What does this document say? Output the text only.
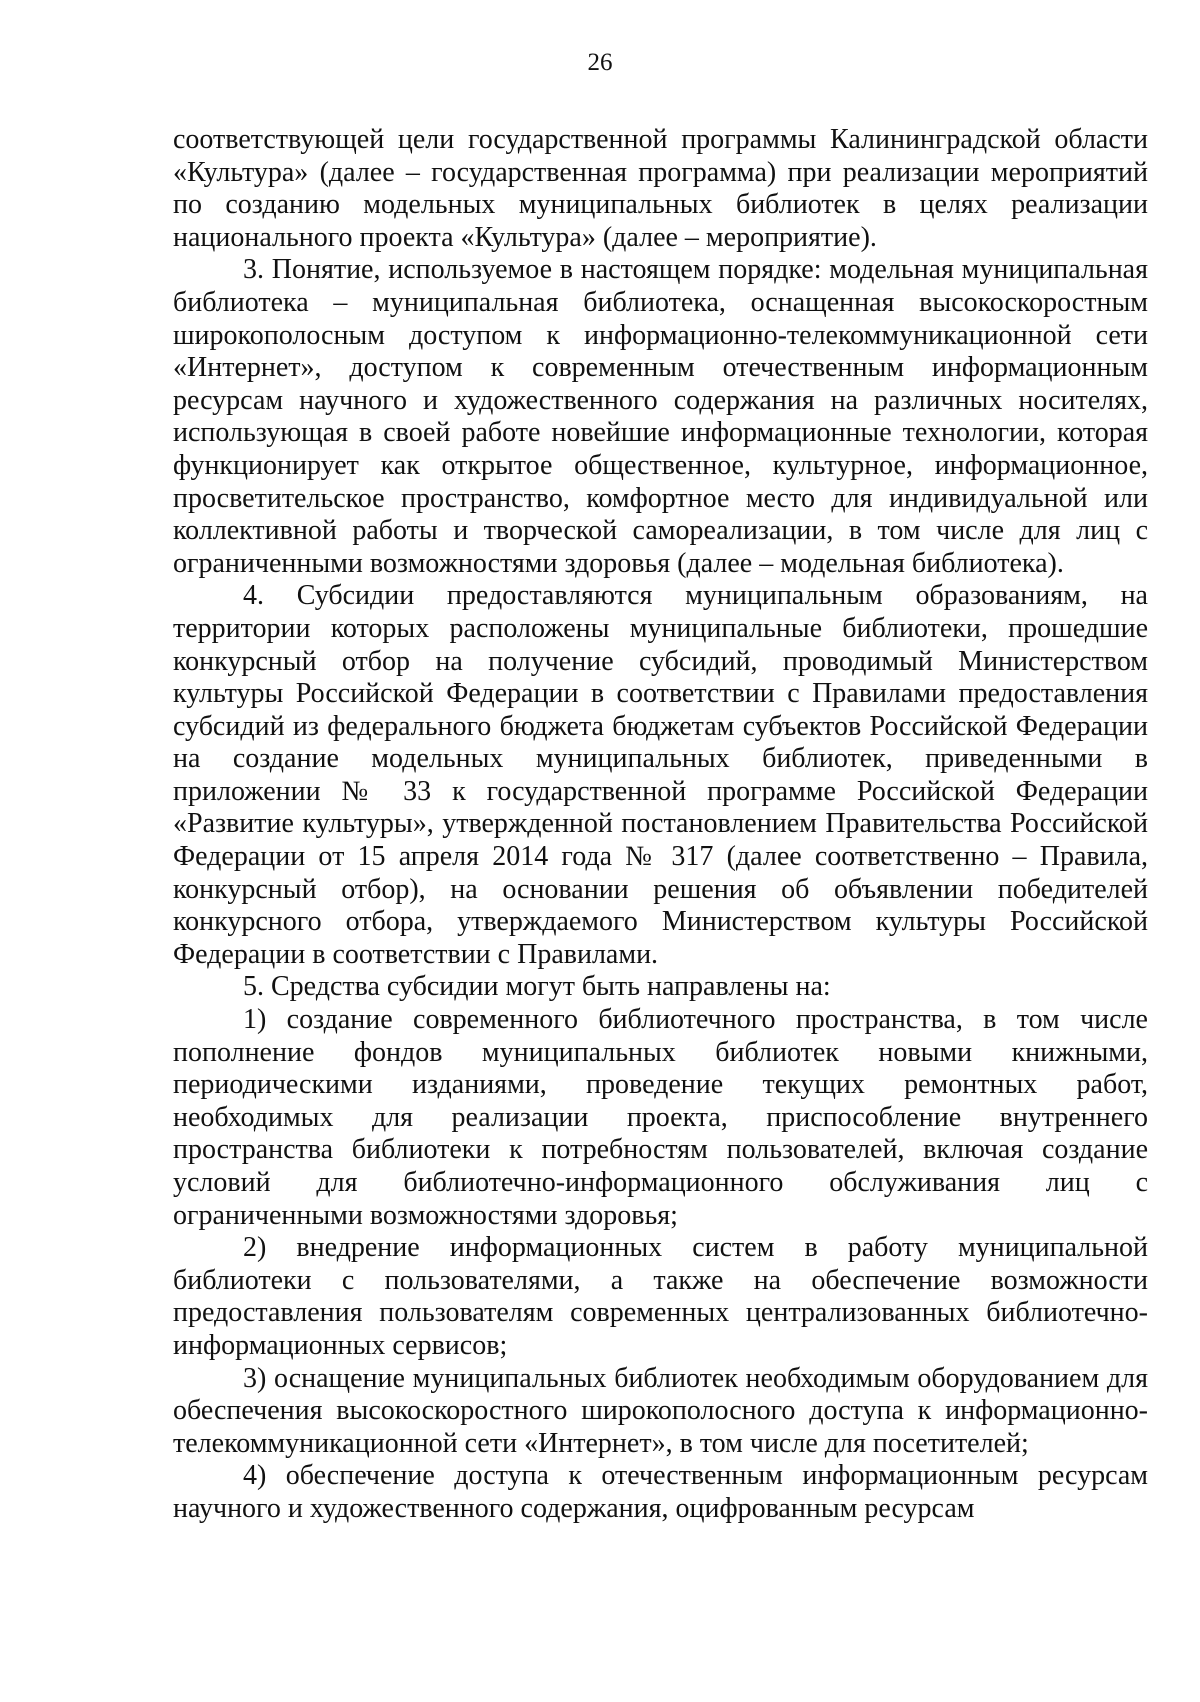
26

соответствующей цели государственной программы Калининградской области «Культура» (далее – государственная программа) при реализации мероприятий по созданию модельных муниципальных библиотек в целях реализации национального проекта «Культура» (далее – мероприятие).

3. Понятие, используемое в настоящем порядке: модельная муниципальная библиотека – муниципальная библиотека, оснащенная высокоскоростным широкополосным доступом к информационно-телекоммуникационной сети «Интернет», доступом к современным отечественным информационным ресурсам научного и художественного содержания на различных носителях, использующая в своей работе новейшие информационные технологии, которая функционирует как открытое общественное, культурное, информационное, просветительское пространство, комфортное место для индивидуальной или коллективной работы и творческой самореализации, в том числе для лиц с ограниченными возможностями здоровья (далее – модельная библиотека).

4. Субсидии предоставляются муниципальным образованиям, на территории которых расположены муниципальные библиотеки, прошедшие конкурсный отбор на получение субсидий, проводимый Министерством культуры Российской Федерации в соответствии с Правилами предоставления субсидий из федерального бюджета бюджетам субъектов Российской Федерации на создание модельных муниципальных библиотек, приведенными в приложении № 33 к государственной программе Российской Федерации «Развитие культуры», утвержденной постановлением Правительства Российской Федерации от 15 апреля 2014 года № 317 (далее соответственно – Правила, конкурсный отбор), на основании решения об объявлении победителей конкурсного отбора, утверждаемого Министерством культуры Российской Федерации в соответствии с Правилами.

5. Средства субсидии могут быть направлены на:

1) создание современного библиотечного пространства, в том числе пополнение фондов муниципальных библиотек новыми книжными, периодическими изданиями, проведение текущих ремонтных работ, необходимых для реализации проекта, приспособление внутреннего пространства библиотеки к потребностям пользователей, включая создание условий для библиотечно-информационного обслуживания лиц с ограниченными возможностями здоровья;

2) внедрение информационных систем в работу муниципальной библиотеки с пользователями, а также на обеспечение возможности предоставления пользователям современных централизованных библиотечно-информационных сервисов;

3) оснащение муниципальных библиотек необходимым оборудованием для обеспечения высокоскоростного широкополосного доступа к информационно-телекоммуникационной сети «Интернет», в том числе для посетителей;

4) обеспечение доступа к отечественным информационным ресурсам научного и художественного содержания, оцифрованным ресурсам
